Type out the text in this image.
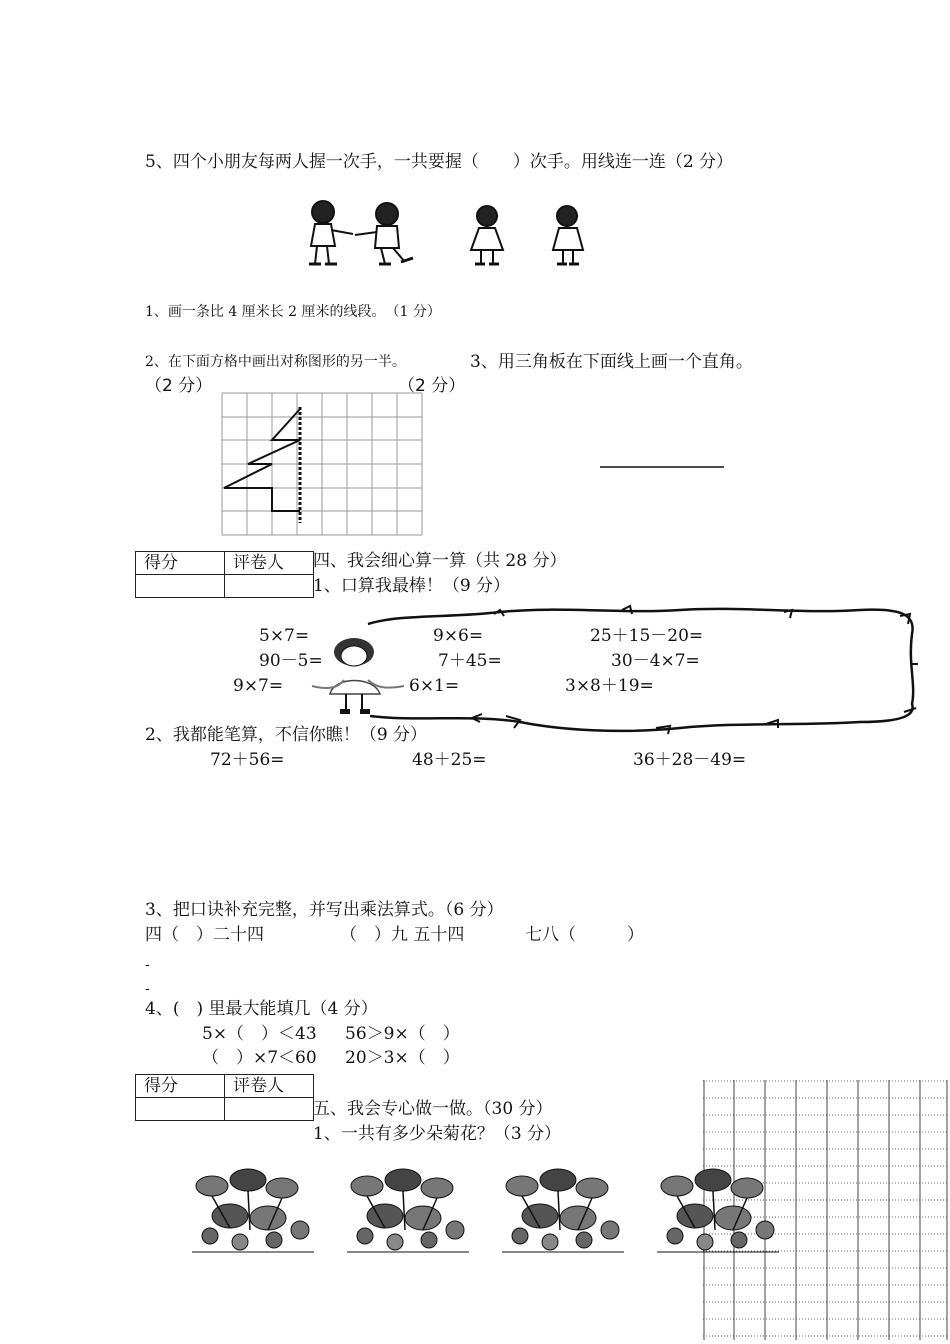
5、四个小朋友每两人握一次手，一共要握（　　）次手。用线连一连（2 分）
1、画一条比 4 厘米长 2 厘米的线段。　（1 分）
2、在下面方格中画出对称图形的另一半。	3、用三角板在下面线上画一个直角。
（2 分）	（2 分）
得分	评卷人
	四、我会细心算一算（共 28 分）
1、口算我最棒！（9 分）
5×7=	9×6=	25＋15－20=
90－5=	7＋45=	30－4×7=
9×7=	6×1=	3×8＋19=
2、我都能笔算，不信你瞧！（9 分）
72＋56=	48＋25=	36＋28－49=
3、把口诀补充完整，并写出乘法算式。（6 分）
四（　）二十四	（　）九 五十四	七八（　　　）
-
-
4、(　) 里最大能填几（4 分）
5×（　）＜43 56＞9×（　）
（　）×7＜60 20＞3×（　）
得分	评卷人

五、我会专心做一做。（30 分）
1、一共有多少朵菊花？（3 分）
